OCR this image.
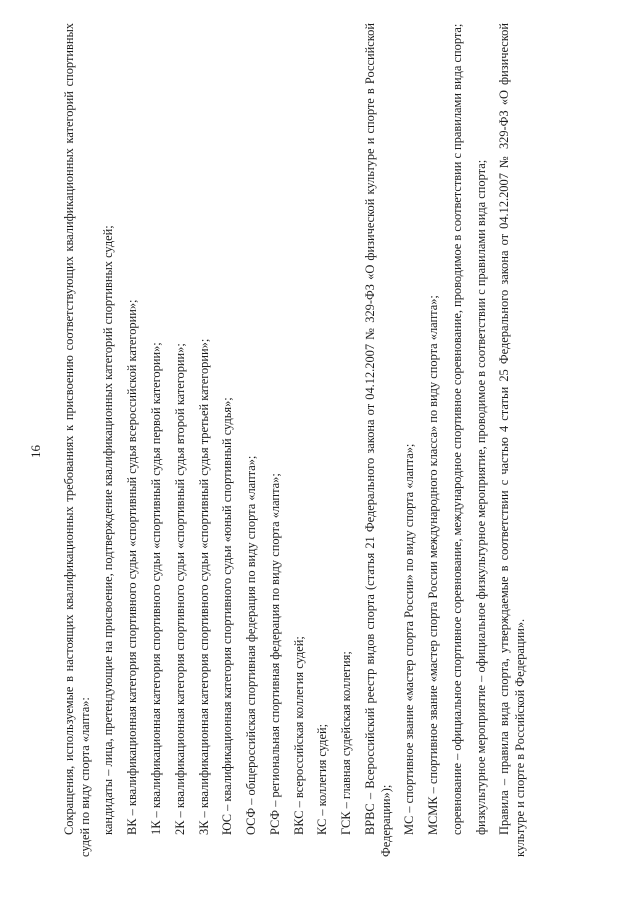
16 Сокращения, используемые в настоящих квалификационных требованиях к присвоению соответствующих квалификационных категорий спортивных судей по виду спорта «лапта»: кандидаты – лица, претендующие на присвоение, подтверждение квалификационных категорий спортивных судей; ВК – квалификационная категория спортивного судьи «спортивный судья всероссийской категории»; 1К – квалификационная категория спортивного судьи «спортивный судья первой категории»; 2К – квалификационная категория спортивного судьи «спортивный судья второй категории»; 3К – квалификационная категория спортивного судьи «спортивный судья третьей категории»; ЮС – квалификационная категория спортивного судьи «юный спортивный судья»; ОСФ – общероссийская спортивная федерация по виду спорта «лапта»; РСФ – региональная спортивная федерация по виду спорта «лапта»; ВКС – всероссийская коллегия судей; КС – коллегия судей; ГСК – главная судейская коллегия; ВРВС – Всероссийский реестр видов спорта (статья 21 Федерального закона от 04.12.2007 № 329-ФЗ «О физической культуре и спорте в Российской Федерации»); МС – спортивное звание «мастер спорта России» по виду спорта «лапта»; МСМК – спортивное звание «мастер спорта России международного класса» по виду спорта «лапта»; соревнование – официальное спортивное соревнование, международное спортивное соревнование, проводимое в соответствии с правилами вида спорта; физкультурное мероприятие – официальное физкультурное мероприятие, проводимое в соответствии с правилами вида спорта; Правила – правила вида спорта, утверждаемые в соответствии с частью 4 статьи 25 Федерального закона от 04.12.2007 № 329-ФЗ «О физической культуре и спорте в Российской Федерации».
